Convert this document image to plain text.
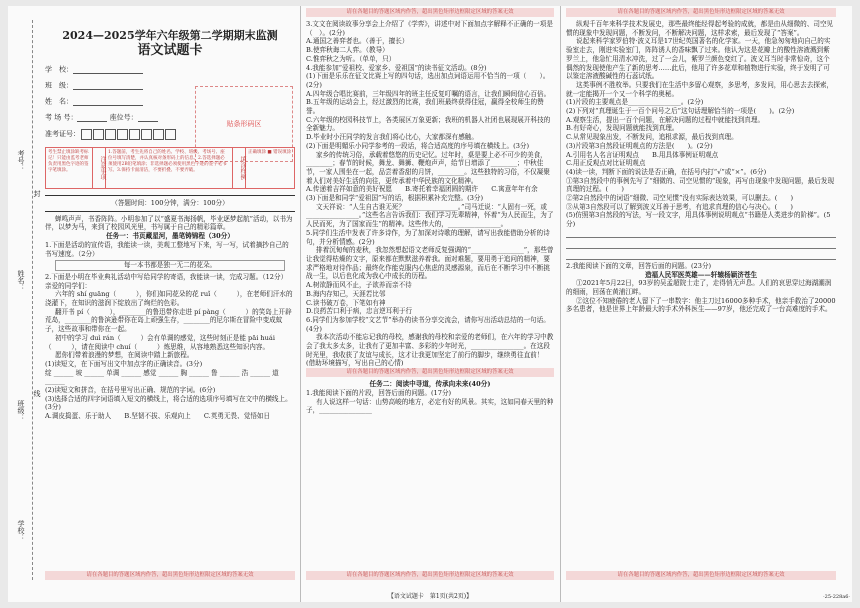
考号：
姓名：
封
线
班级：
学校：
2024—2025学年六年级第二学期期末监测
语文试题卡
学　校：
班　级：
姓　名：
考 场 号：	座位号：
准考证号：
贴条形码区
考生禁止填涂缺考标记！只能由监考老师负责用黑色字迹的签字笔填涂。	注意事项
1.答题前，考生先将自己的姓名、学校、班级、考场号、座位号填写清楚，并认真核对条形码上的信息。2.答选择题必须使用2B铅笔填涂；非选择题必须使用黑色字迹的签字笔书写。3.保持卡面清洁，不要折叠、不要弄破。	填涂样例
正确填涂 ■ 错误填涂

（答题时间：100分钟，满分：100分）

蝉鸣声声，书香阵阵。小明参加了以“盛夏书海扬帆，毕业逐梦起航”活动，以书为伴，以梦为马，来到了校园风光里，书写属于自己的精彩篇章。

任务一：书页藏星河，墨笔铸锦程（30分）

1.下面是活动的宣传语，我能读一读，美观工整地写下来，写一写，试着摘抄自己的书写速度。（2分）

每一本书都是独一无二的花朵。

2.下面是小明在毕业典礼活动中写给同学的寄语，我能读一读，完成习题。（12分）

亲爱的同学们：

六年的 shí guāng（　　　），你们如同花朵的花 ruǐ（　　　），在老师们汗水的浇灌下，在知识的滋润下绽放出了绚烂的色彩。

翻开书 pí（　　　），________的鲁迅带你走进 pí pàng（　　　）的笑岛上开辟荒岛，________的鲁滨逊带你在岛上顽强生存，________的尼尔斯在冒险中变成蚊子，这些故事和带你在一起。

初中的学习 duì rán（　　　）会有单调的感觉，这些时刻正是能 pāi huái（　　　），请在阅读中 chuí（　　　）炼思维，从容地熟悉这些知识内容。

愿你们带着浪漫的梦想，在阅读中踏上新旅程。

(1)读短文，在下面写出文中加点字的正确读音。(3分)

绽 ______ 坡 ______ 单调 ______ 感觉 ______ 胸 ______ 鲁 ______ 浩 ______ 道 ______

(2)读短文和拼音，在括号里写出正确、规范的字词。(6分)

(3)选择合适的四字词语填入短文的横线上，将合适的选项序号填写在文中的横线上。(3分)

A.调皮捣蛋、乐于助人　　B.坚韧不拔、乐观向上　　C.英勇无畏、觉悟如日

请在各题目的答题区域内作答，超出黑色矩形边框限定区域的答案无效
请在各题目的答题区域内作答，超出黑色矩形边框限定区域的答案无效

3.文文在阅读故事分享会上介绍了《学弈》，讲述中对下面加点字解释不正确的一项是（　）。(2分)

A.通国之善弈者也。（善于，擅长）

B.使弈秋诲二人弈。（教导）

C.惟弈秋之为听。（单单，只）

4.我能参加“爱祖校、爱家乡、爱祖国”的读书征文活动。(8分)

(1)下面是乐乐在征文比赛上写的四句话，选出加点词语运用不恰当的一项（　　）。(2分)

A.四年级合唱比赛前，三年级四年的班主任反复叮嘱的语言，让我们瞬间信心百倍。

B.五年级的运动会上，经过激烈的比赛，我们班最终获得佳冠，赢得全校师生的赞誉。

C.六年级的校园科技节上，各类展区万象更新；我班的机器人社团也展现展开科技的全新魅力。

D.毕业时小汪同学的发言我们将心比心，大家都深有感触。

(2)下面是明媚乐小同学参考的一段话，将合适高度的序号填在横线上。(3分)

家乡的传统习俗，承载着悠悠的历史记忆。过年时，桌是要上必不可少的美食，________；春节的时候，舞龙、舞狮、鞭炮声声，给节日增添了________；中秋佳节，一家人围坐在一起，品尝着香甜的月饼，________。这些独特的习俗，不仅凝聚着人们对美好生活的向往，更传承着中华民族的文化精神。

A.传递着吉祥如意的美好祝愿　　B.寄托着幸福团圆的期许　　C.寓意年年有余

(3)下面是和同学“爱祖国”写的话，根据积累补充完整。(3分)

文天祥说：“人生自古谁无死？________________。”司马迁说：“人固有一死，或________________。”这些名言告诉我们：我们学习先辈精神，怀着“为人民而生，为了人民而死，为了国家而生”的精神。这些伟大的，________________。

5.同学们生活中发表了许多诗作，为了加深对诗歌的理解，请写出我能借助分析的诗句，并分析情感。(2分)

排着沉甸甸的麦秋，我忽然想起语文老师反复强调的“________________”，那些曾让我觉得枯燥的文字，原来都在默默滋养着我。面对难题，要用勇于追问的精神，要求严格地对待作品；最终化作能克服内心焦虑的灵感源泉，而后在不断学习中不断挑战一生，以后也化成为我心中成长的历程。

A.树欲静而风不止，子欲养而亲不待

B.海内存知己，天涯若比邻

C.读书破万卷，下笔如有神

D.良药苦口利于病，忠言逆耳利于行

6.同学们为参加学校“文艺节”举办的读书分享交流会，请你写出活动总结的一句话。(4分)

我本次活动不能忘记我的母校，感谢我的母校和亲爱的老师们，在六年的学习中教会了我太多太多，让我有了更加丰富、多彩的少年时光，________________。在这段时光里，我收获了友谊与成长，这才让我更加坚定了前行的脚步，继续勇往直前！

(借助环境描写，写出自己的心情)

请在各题目的答题区域内作答，超出黑色矩形边框限定区域的答案无效

任务二：阅读中寻道，传承向未来(40分)

1.我能阅读下面的片段，回答后面的问题。(17分)

有人说这样一句话：山势高峻的地方，必定有好的风景。其实，这如同春天里的种子，________________

请在各题目的答题区域内作答，超出黑色矩形边框限定区域的答案无效
请在各题目的答题区域内作答，超出黑色矩形边框限定区域的答案无效

纵观千百年来科学技术发展史，那些最终能经得起考验的成就，都是由从细微的、司空见惯的现象中发现问题，不断发问，不断解决问题，这样求索，最后发现了“答案”。

说起来科学家罗伯特·波义耳是17世纪英国著名的化学家。一天，他急匆匆地向自己的实验室走去，刚进实验室门，阵阵诱人的香味飘了过来。他认为这是花瓣上的酸性溶液溅到紫罗兰上，他急忙用清水冲洗，过了一会儿，紫罗兰颜色变红了。波义耳当时非常惊奇，这个偶然的发现使他产生了新的思考……此后，他用了许多花草和植物进行实验，终于发明了可以鉴定溶液酸碱性的石蕊试纸。

这类事例不胜枚举。只要我们在生活中多留心观察，多思考，多发问，用心思去去探索，就一定能揭开一个又一个科学的奥秘。

(1)片段的主要观点是________________。(2分)

(2)下列对“真理诞生于一百个问号之后”这句话理解恰当的一项是(　　)。(2分)

A.观察生活，提出一百个问题，在解决问题的过程中就能找到真理。

B.有好奇心，发现问题就能找到真理。

C.从常见现象出发，不断发问，追根求源，最后找到真理。

(3)片段第3自然段证明观点的方法是(　　)。(2分)

A.引用名人名言证明观点　　B.用具体事例证明观点

C.用正反观点对比证明观点

(4)读一读，判断下面的说法是否正确，在括号内打“√”或“×”。(6分)

①第3自然段中的事例先写了“细微的、司空见惯的”现象，再写由现象中发现问题，最后发现真理的过程。(　　)

②第2自然段中的词语“细微、司空见惯”没有实际表达效果，可以删去。(　　)

③从第3自然段可以了解到波义耳善于思考，有追求真理的信心与决心。(　　)

(5)仿照第3自然段的写法，写一段文字，用具体事例说明观点“书籍是人类进步的阶梯”。(5分)

2.我能阅读下面的文章，回答后面的问题。(23分)

造福人民军医英雄——轩辕杨颖济苍生

①2021年5月22日，93岁的吴孟超院士走了，走得悄无声息。人们的哀思穿过海湖潮润的细雨，回荡在黄浦江畔。

②这位不知疲倦的老人留下了一串数字：他主刀过16000多种手术，他亲手救治了20000多名患者，他是世界上年龄最大的手术外科医生——97岁，他还完成了一台高难度的手术。

请在各题目的答题区域内作答，超出黑色矩形边框限定区域的答案无效
【语文试题卡　第1页(共2页)】	·25-228a6·
